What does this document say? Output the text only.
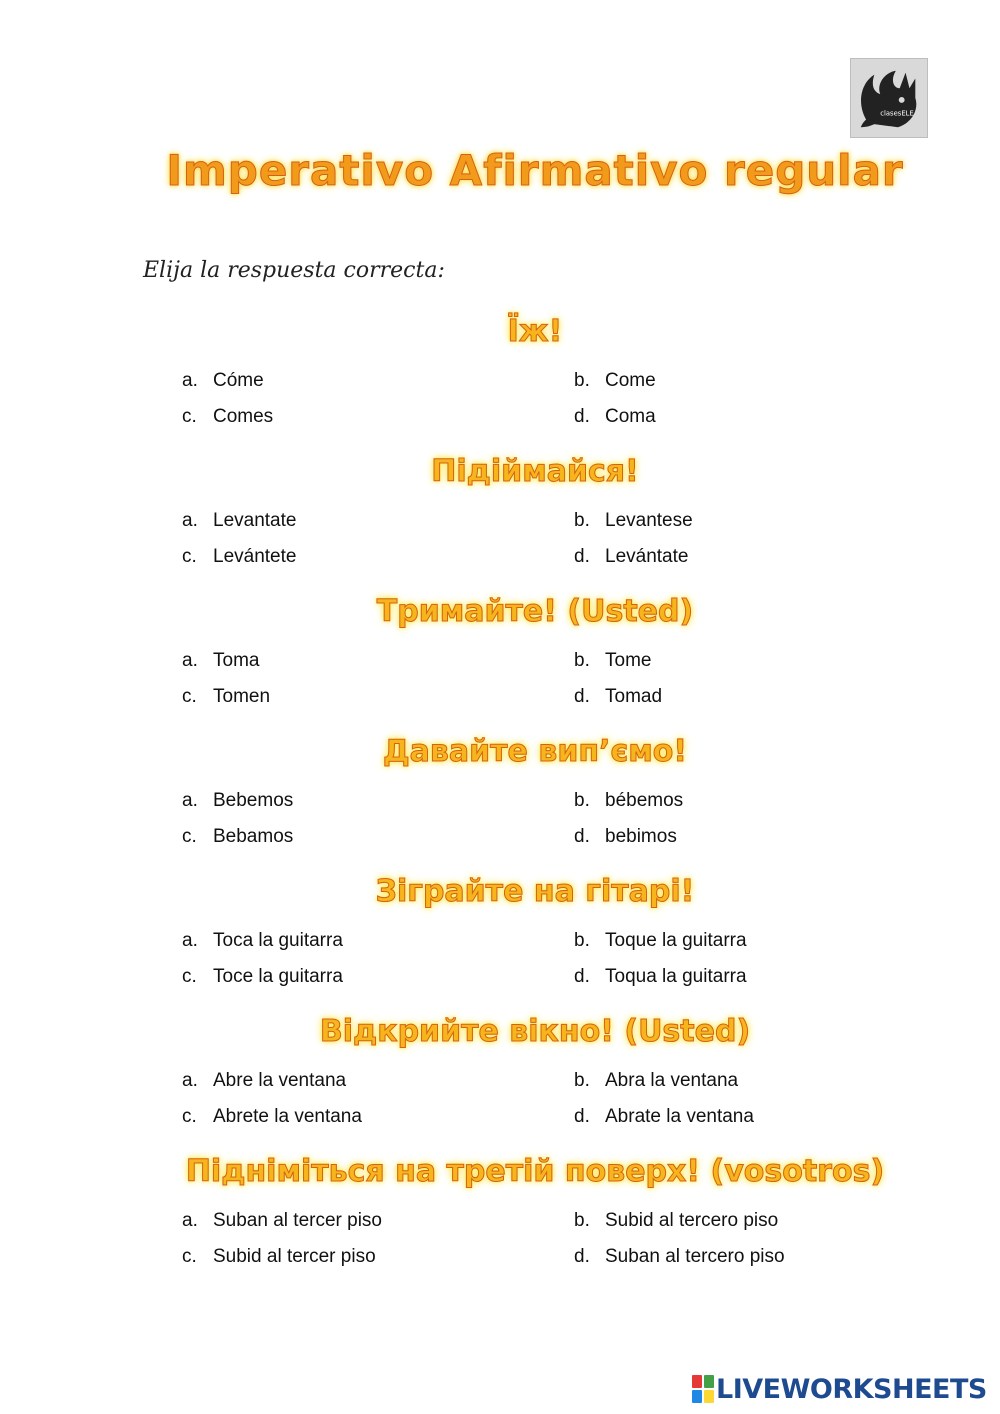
clasesELE
Imperativo Afirmativo regular
Elija la respuesta correcta:
Їж!
a. Cóme	b. Come
c. Comes	d. Coma
Підіймайся!
a. Levantate	b. Levantese
c. Levántete	d. Levántate
Тримайте! (Usted)
a. Toma	b. Tome
c. Tomen	d. Tomad
Давайте вип’ємо!
a. Bebemos	b. bébemos
c. Bebamos	d. bebimos
Зіграйте на гітарі!
a. Toca la guitarra	b. Toque la guitarra
c. Toce la guitarra	d. Toqua la guitarra
Відкрийте вікно! (Usted)
a. Abre la ventana	b. Abra la ventana
c. Abrete la ventana	d. Abrate la ventana
Підніміться на третій поверх! (vosotros)
a. Suban al tercer piso	b. Subid al tercero piso
c. Subid al tercer piso	d. Suban al tercero piso
LIVEWORKSHEETS
